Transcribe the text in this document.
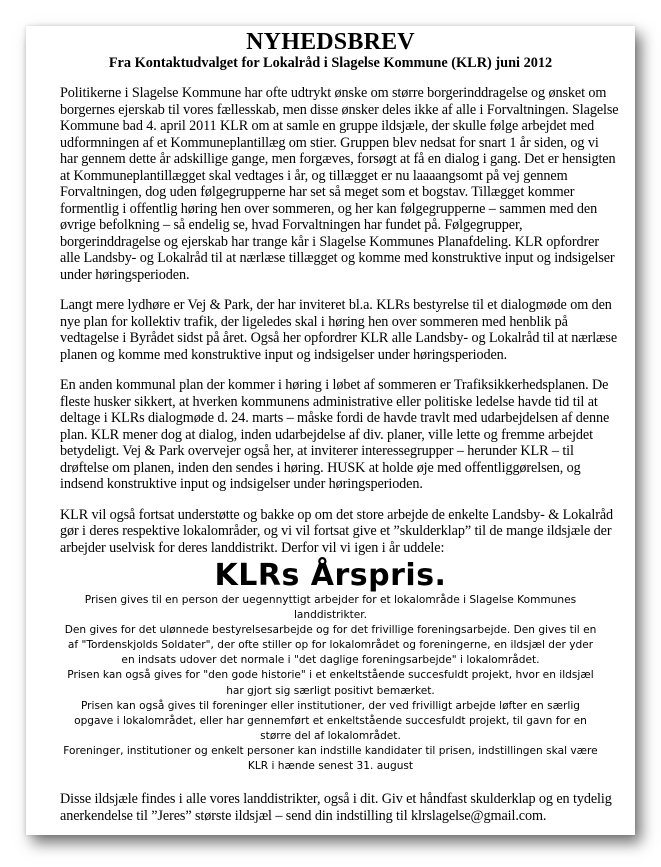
NYHEDSBREV
Fra Kontaktudvalget for Lokalråd i Slagelse Kommune (KLR) juni 2012

Politikerne i Slagelse Kommune har ofte udtrykt ønske om større borgerinddragelse og ønsket om
borgernes ejerskab til vores fællesskab, men disse ønsker deles ikke af alle i Forvaltningen. Slagelse
Kommune bad 4. april 2011 KLR om at samle en gruppe ildsjæle, der skulle følge arbejdet med
udformningen af et Kommuneplantillæg om stier. Gruppen blev nedsat for snart 1 år siden, og vi
har gennem dette år adskillige gange, men forgæves, forsøgt at få en dialog i gang. Det er hensigten
at Kommuneplantillægget skal vedtages i år, og tillægget er nu laaaangsomt på vej gennem
Forvaltningen, dog uden følgegrupperne har set så meget som et bogstav. Tillægget kommer
formentlig i offentlig høring hen over sommeren, og her kan følgegrupperne – sammen med den
øvrige befolkning – så endelig se, hvad Forvaltningen har fundet på. Følgegrupper,
borgerinddragelse og ejerskab har trange kår i Slagelse Kommunes Planafdeling. KLR opfordrer
alle Landsby- og Lokalråd til at nærlæse tillægget og komme med konstruktive input og indsigelser
under høringsperioden.

Langt mere lydhøre er Vej & Park, der har inviteret bl.a. KLRs bestyrelse til et dialogmøde om den
nye plan for kollektiv trafik, der ligeledes skal i høring hen over sommeren med henblik på
vedtagelse i Byrådet sidst på året. Også her opfordrer KLR alle Landsby- og Lokalråd til at nærlæse
planen og komme med konstruktive input og indsigelser under høringsperioden.

En anden kommunal plan der kommer i høring i løbet af sommeren er Trafiksikkerhedsplanen. De
fleste husker sikkert, at hverken kommunens administrative eller politiske ledelse havde tid til at
deltage i KLRs dialogmøde d. 24. marts – måske fordi de havde travlt med udarbejdelsen af denne
plan. KLR mener dog at dialog, inden udarbejdelse af div. planer, ville lette og fremme arbejdet
betydeligt. Vej & Park overvejer også her, at inviterer interessegrupper – herunder KLR – til
drøftelse om planen, inden den sendes i høring. HUSK at holde øje med offentliggørelsen, og
indsend konstruktive input og indsigelser under høringsperioden.

KLR vil også fortsat understøtte og bakke op om det store arbejde de enkelte Landsby- & Lokalråd
gør i deres respektive lokalområder, og vi vil fortsat give et ”skulderklap” til de mange ildsjæle der
arbejder uselvisk for deres landdistrikt. Derfor vil vi igen i år uddele:

KLRs Årspris.
Prisen gives til en person der uegennyttigt arbejder for et lokalområde i Slagelse Kommunes
landdistrikter.
Den gives for det ulønnede bestyrelsesarbejde og for det frivillige foreningsarbejde. Den gives til en
af "Tordenskjolds Soldater", der ofte stiller op for lokalområdet og foreningerne, en ildsjæl der yder
en indsats udover det normale i "det daglige foreningsarbejde" i lokalområdet.
Prisen kan også gives for "den gode historie" i et enkeltstående succesfuldt projekt, hvor en ildsjæl
har gjort sig særligt positivt bemærket.
Prisen kan også gives til foreninger eller institutioner, der ved frivilligt arbejde løfter en særlig
opgave i lokalområdet, eller har gennemført et enkeltstående succesfuldt projekt, til gavn for en
større del af lokalområdet.
Foreninger, institutioner og enkelt personer kan indstille kandidater til prisen, indstillingen skal være
KLR i hænde senest 31. august

Disse ildsjæle findes i alle vores landdistrikter, også i dit. Giv et håndfast skulderklap og en tydelig
anerkendelse til ”Jeres” største ildsjæl – send din indstilling til klrslagelse@gmail.com.
